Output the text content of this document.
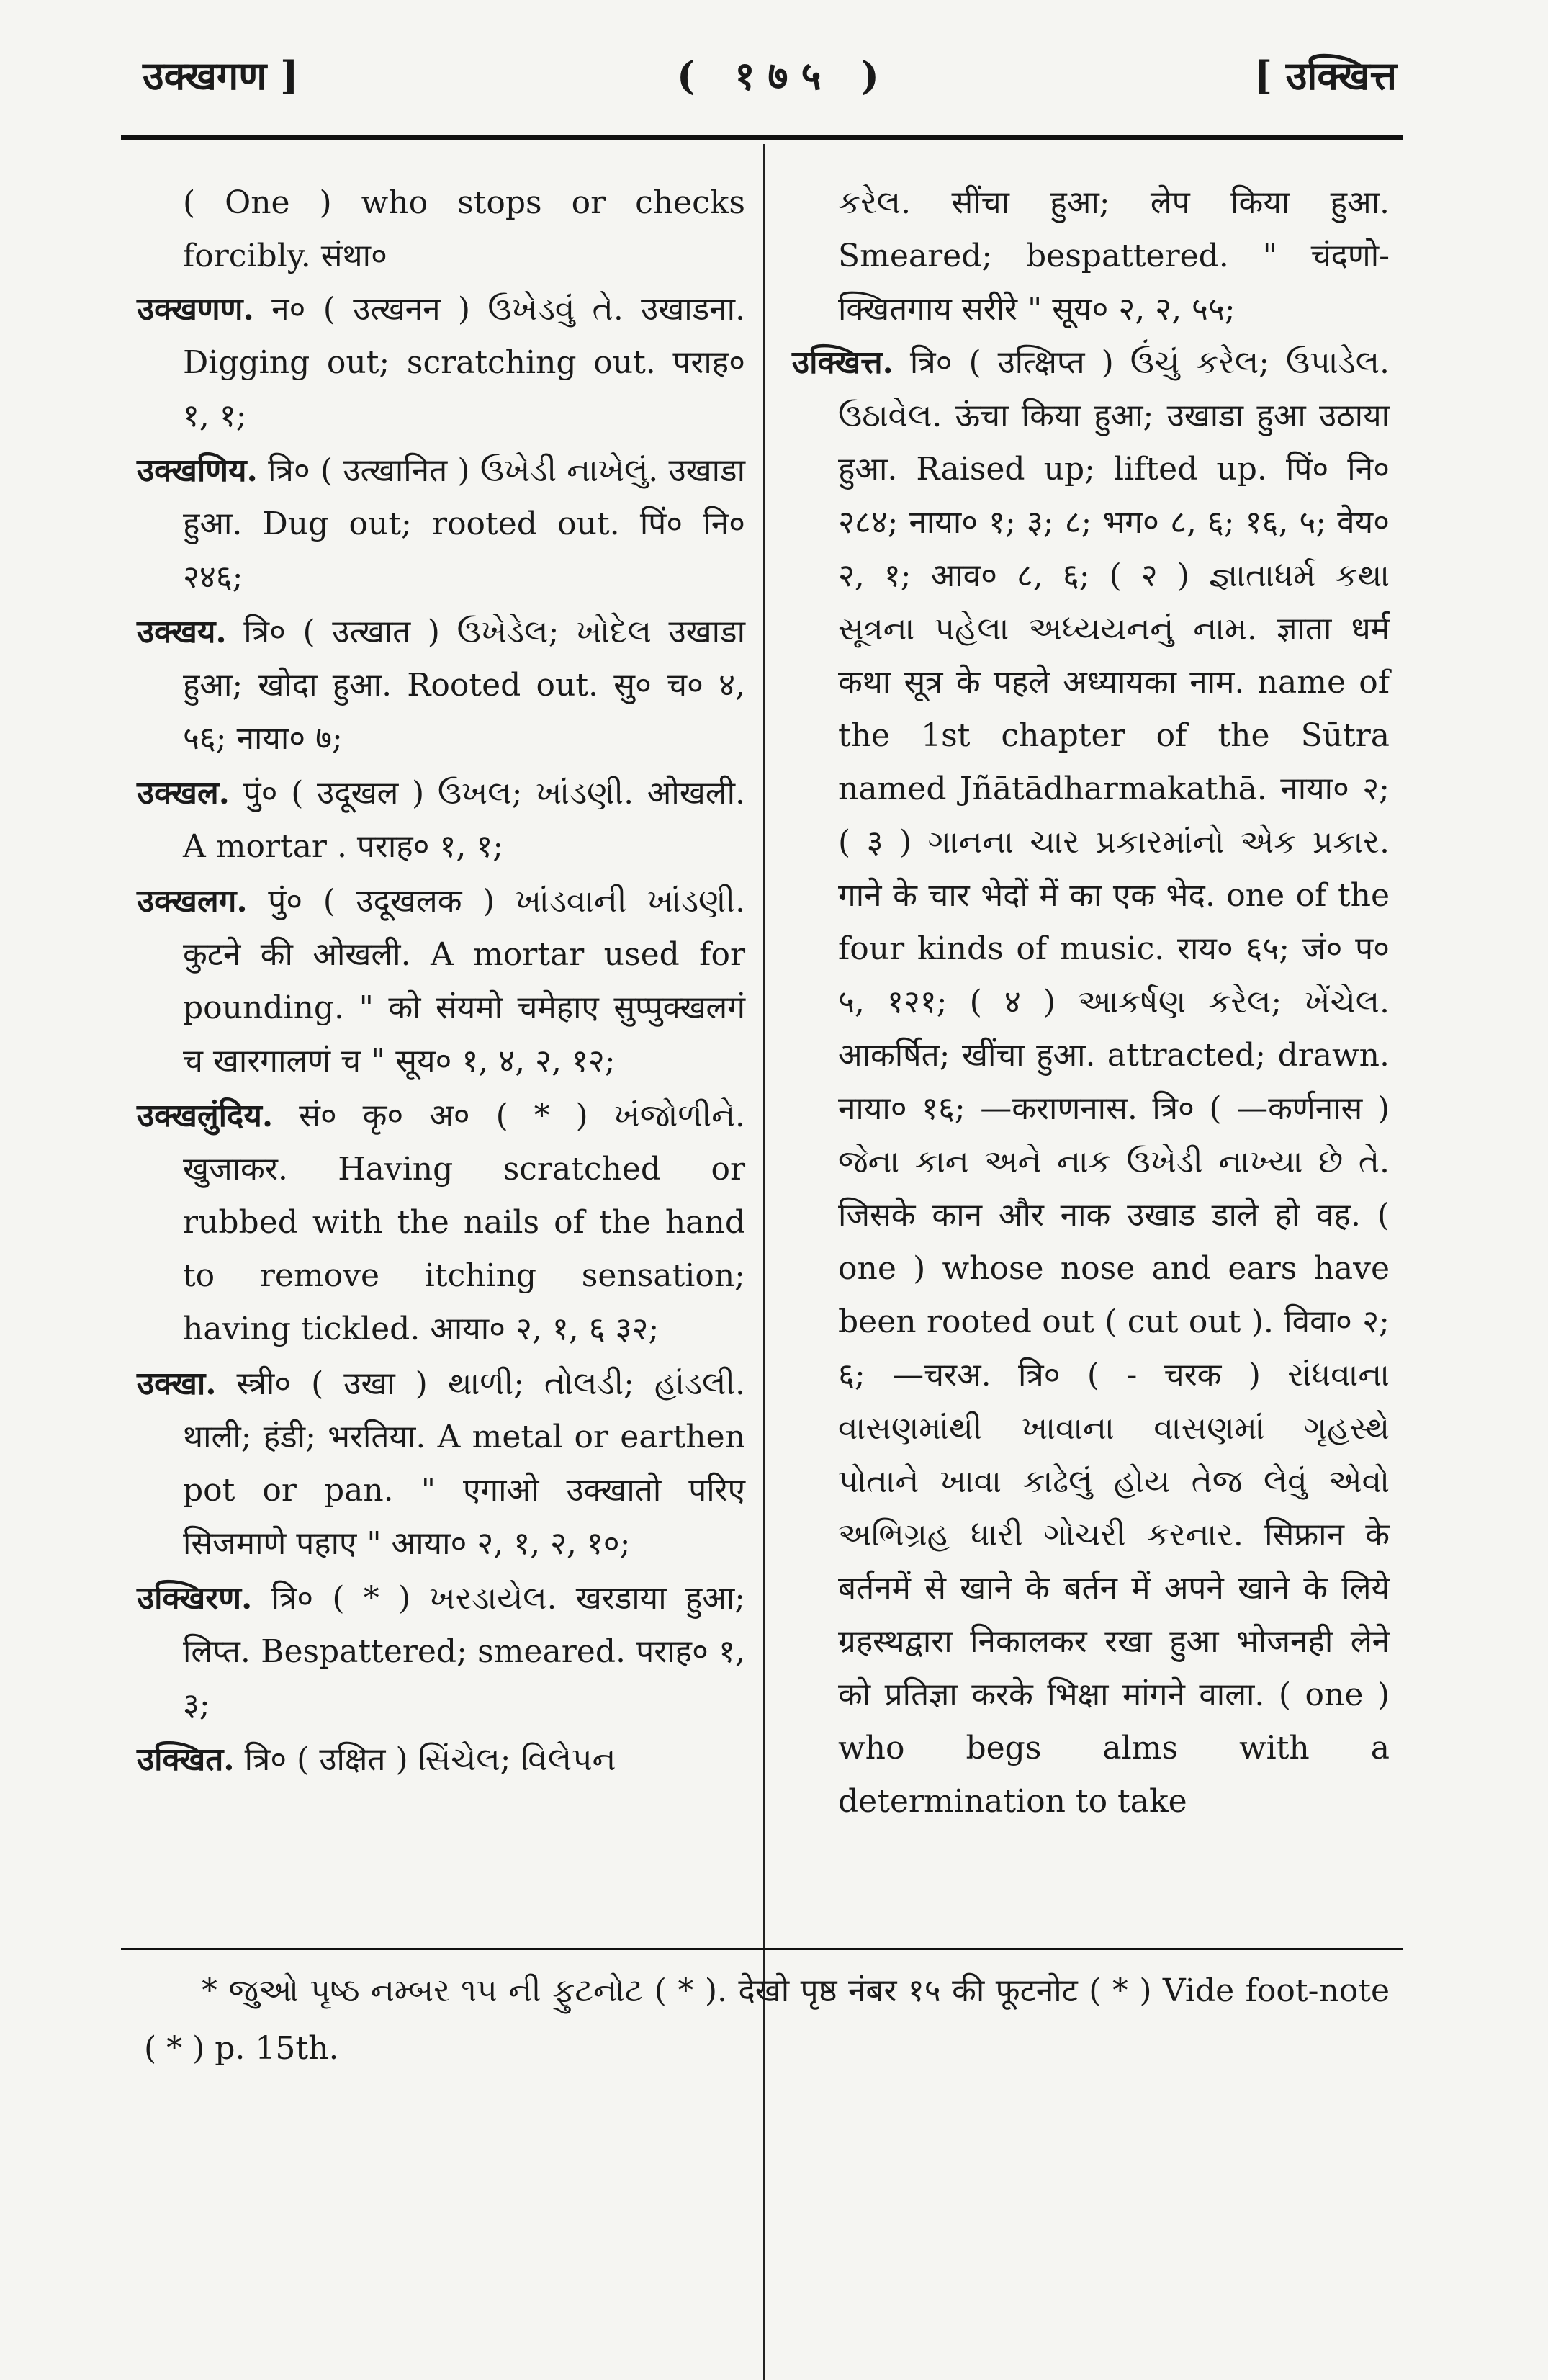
उक्खगण ]	( १७५ )	[ उक्खित्त

( One ) who stops or checks forcibly. संथा०

उक्खणण. न० ( उत्खनन ) ઉખેડવું તે. उखाडना. Digging out; scratching out. पराह० १, १;

उक्खणिय. त्रि० ( उत्खानित ) ઉખેડી નાખેલું. उखाडा हुआ. Dug out; rooted out. पिं० नि० २४६;

उक्खय. त्रि० ( उत्खात ) ઉખેડેલ; ખોદેલ उखाडा हुआ; खोदा हुआ. Rooted out. सु० च० ४, ५६; नाया० ७;

उक्खल. पुं० ( उदूखल ) ઉખલ; ખાંડણી. ओखली. A mortar . पराह० १, १;

उक्खलग. पुं० ( उदूखलक ) ખાંડવાની ખાંડણી. कुटने की ओखली. A mortar used for pounding. " को संयमो चमेहाए सुप्पुक्खलगं च खारगालणं च " सूय० १, ४, २, १२;

उक्खलुंदिय. सं० कृ० अ० ( * ) ખંજોળીને. खुजाकर. Having scratched or rubbed with the nails of the hand to remove itching sensation; having tickled. आया० २, १, ६ ३२;

उक्खा. स्त्री० ( उखा ) થાળી; તોલડી; હાંડલી. थाली; हंडी; भरतिया. A metal or earthen pot or pan. " एगाओ उक्खातो परिए सिजमाणे पहाए " आया० २, १, २, १०;

उक्खिरण. त्रि० ( * ) ખરડાયેલ. खरडाया हुआ; लिप्त. Bespattered; smeared. पराह० १, ३;

उक्खित. त्रि० ( उक्षित ) સિંચેલ; વિલેપન

કરેલ. सींचा हुआ; लेप किया हुआ. Smeared; bespattered. " चंदणो-क्खितगाय सरीरे " सूय० २, २, ५५;

उक्खित्त. त्रि० ( उत्क्षिप्त ) ઉંચું કરેલ; ઉપાડેલ. ઉઠાવેલ. ऊंचा किया हुआ; उखाडा हुआ उठाया हुआ. Raised up; lifted up. पिं० नि० २८४; नाया० १; ३; ८; भग० ८, ६; १६, ५; वेय० २, १; आव० ८, ६; ( २ ) જ્ઞાતાધર્મ કથા સૂત્રના પહેલા અધ્યયનનું નામ. ज्ञाता धर्म कथा सूत्र के पहले अध्यायका नाम. name of the 1st chapter of the Sūtra named Jñātādharmakathā. नाया० २; ( ३ ) ગાનના ચાર પ્રકારમાંનો એક પ્રકાર. गाने के चार भेदों में का एक भेद. one of the four kinds of music. राय० ६५; जं० प० ५, १२१; ( ४ ) આકર્ષણ કરેલ; ખેંચેલ. आकर्षित; खींचा हुआ. attracted; drawn. नाया० १६; —कराणनास. त्रि० ( —कर्णनास ) જેના કાન અને નાક ઉખેડી નાખ્યા છે તે. जिसके कान और नाक उखाड डाले हो वह. ( one ) whose nose and ears have been rooted out ( cut out ). विवा० २; ६; —चरअ. त्रि० ( - चरक ) રાંધવાના વાસણમાંથી ખાવાના વાસણમાં ગૃહસ્થે પોતાને ખાવા કાઢેલું હોય તેજ લેવું એવો અભિગ્રહ ધારી ગોચરી કરનાર. सिफ्रान के बर्तनमें से खाने के बर्तन में अपने खाने के लिये ग्रहस्थद्वारा निकालकर रखा हुआ भोजनही लेने को प्रतिज्ञा करके भिक्षा मांगने वाला. ( one ) who begs alms with a determination to take

* જુઓ પૃષ્ઠ નમ્બર ૧૫ ની ફુટનોટ ( * ). देखो पृष्ठ नंबर १५ की फूटनोट ( * ) Vide foot-note ( * ) p. 15th.
